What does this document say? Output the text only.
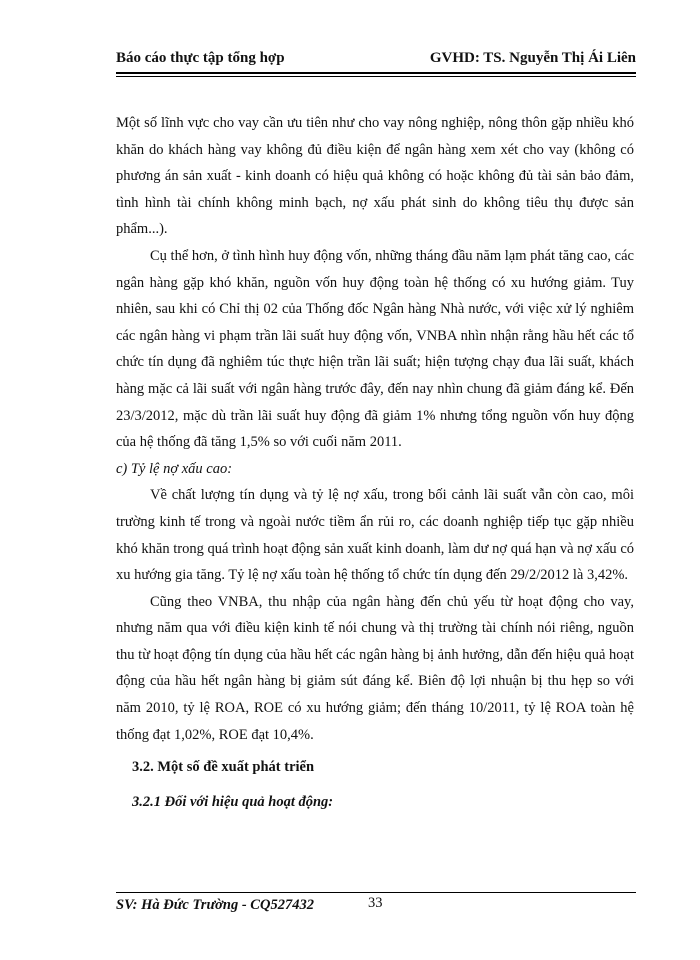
Báo cáo thực tập tổng hợp	GVHD: TS. Nguyễn Thị Ái Liên

Một số lĩnh vực cho vay cần ưu tiên như cho vay nông nghiệp, nông thôn gặp nhiều khó khăn do khách hàng vay không đủ điều kiện để ngân hàng xem xét cho vay (không có phương án sản xuất - kinh doanh có hiệu quả không có hoặc không đủ tài sản bảo đảm, tình hình tài chính không minh bạch, nợ xấu phát sinh do không tiêu thụ được sản phẩm...).

Cụ thể hơn, ở tình hình huy động vốn, những tháng đầu năm lạm phát tăng cao, các ngân hàng gặp khó khăn, nguồn vốn huy động toàn hệ thống có xu hướng giảm. Tuy nhiên, sau khi có Chỉ thị 02 của Thống đốc Ngân hàng Nhà nước, với việc xử lý nghiêm các ngân hàng vi phạm trần lãi suất huy động vốn, VNBA nhìn nhận rằng hầu hết các tổ chức tín dụng đã nghiêm túc thực hiện trần lãi suất; hiện tượng chạy đua lãi suất, khách hàng mặc cả lãi suất với ngân hàng trước đây, đến nay nhìn chung đã giảm đáng kể. Đến 23/3/2012, mặc dù trần lãi suất huy động đã giảm 1% nhưng tổng nguồn vốn huy động của hệ thống đã tăng 1,5% so với cuối năm 2011.

c) Tỷ lệ nợ xấu cao:

Về chất lượng tín dụng và tỷ lệ nợ xấu, trong bối cảnh lãi suất vẫn còn cao, môi trường kinh tế trong và ngoài nước tiềm ẩn rủi ro, các doanh nghiệp tiếp tục gặp nhiều khó khăn trong quá trình hoạt động sản xuất kinh doanh, làm dư nợ quá hạn và nợ xấu có xu hướng gia tăng. Tỷ lệ nợ xấu toàn hệ thống tổ chức tín dụng đến 29/2/2012 là 3,42%.

Cũng theo VNBA, thu nhập của ngân hàng đến chủ yếu từ hoạt động cho vay, nhưng năm qua với điều kiện kinh tế nói chung và thị trường tài chính nói riêng, nguồn thu từ hoạt động tín dụng của hầu hết các ngân hàng bị ảnh hưởng, dẫn đến hiệu quả hoạt động của hầu hết ngân hàng bị giảm sút đáng kể. Biên độ lợi nhuận bị thu hẹp so với năm 2010, tỷ lệ ROA, ROE có xu hướng giảm; đến tháng 10/2011, tỷ lệ ROA toàn hệ thống đạt 1,02%, ROE đạt 10,4%.

3.2. Một số đề xuất phát triển

3.2.1 Đối với hiệu quả hoạt động:

SV: Hà Đức Trường - CQ527432	33
